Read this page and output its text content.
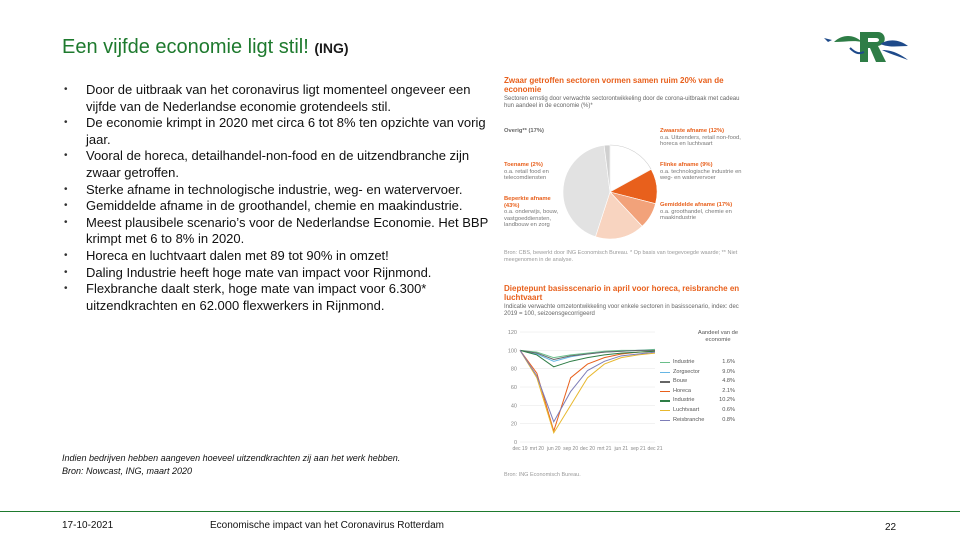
Een vijfde economie ligt stil! (ING)
• Door de uitbraak van het coronavirus ligt momenteel ongeveer een vijfde van de Nederlandse economie grotendeels stil.
• De economie krimpt in 2020 met circa 6 tot 8% ten opzichte van vorig jaar.
• Vooral de horeca, detailhandel-non-food en de uitzendbranche zijn zwaar getroffen.
• Sterke afname in technologische industrie, weg- en watervervoer.
• Gemiddelde afname in de groothandel, chemie en maakindustrie.
• Meest plausibele scenario’s voor de Nederlandse Economie. Het BBP krimpt met 6 to 8% in 2020.
• Horeca en luchtvaart dalen met 89 tot 90% in omzet!
• Daling Industrie heeft hoge mate van impact voor Rijnmond.
• Flexbranche daalt sterk, hoge mate van impact voor 6.300* uitzendkrachten en 62.000 flexwerkers in Rijnmond.
Indien bedrijven hebben aangeven hoeveel uitzendkrachten zij aan het werk hebben.
Bron: Nowcast, ING, maart 2020
Zwaar getroffen sectoren vormen samen ruim 20% van de economie
Sectoren ernstig door verwachte sectorontwikkeling door de corona-uitbraak met cadeau hun aandeel in de economie (%)*
Overig** (17%)	Zwaarste afname (12%)
o.a. Uitzenders, retail non-food, horeca en luchtvaart
Flinke afname (9%)
o.a. technologische industrie en weg- en watervervoer
Gemiddelde afname (17%)
o.a. groothandel, chemie en maakindustrie
Toename (2%)
o.a. retail food en telecomdiensten
Beperkte afname (43%)
o.a. onderwijs, bouw, vastgoeddiensten, landbouw en zorg
Bron: CBS, bewerkt door ING Economisch Bureau. * Op basis van toegevoegde waarde; ** Niet meegenomen in de analyse.
Dieptepunt basisscenario in april voor horeca, reisbranche en luchtvaart
Indicatie verwachte omzetontwikkeling voor enkele sectoren in basisscenario, index: dec 2019 = 100, seizoensgecorrigeerd
0
20
40
60
80
100
120
dec 19 mrt 20 jun 20 sep 20 dec 20 mrt 21 jun 21 sep 21 dec 21
Aandeel van de economie
Industrie	1.6%
Zorgsector	9.0%
Bouw	4.8%
Horeca	2.1%
Industrie	10.2%
Luchtvaart	0.6%
Reisbranche	0.8%
Bron: ING Economisch Bureau.
17-10-2021	Economische impact van het Coronavirus Rotterdam	22
